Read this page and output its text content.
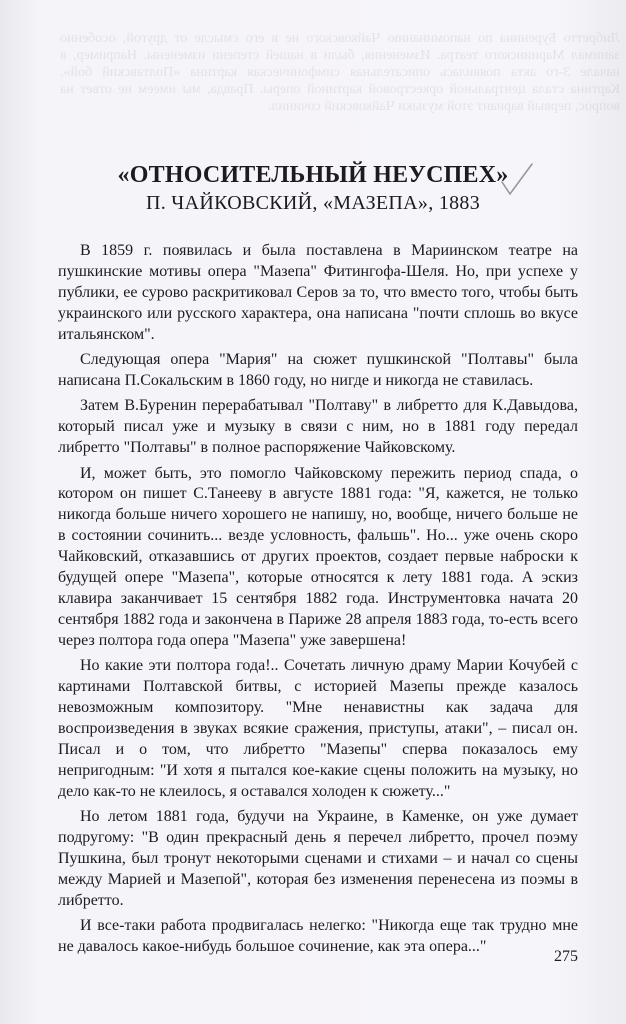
Либретто Буренина по напоминанию Чайковского не в его смысле от другой, особенно занимал Мариинского театра. Изменения, были в нашей степени изменены. Например, в начале 3-го акта появилась описательная симфоническая картина «Полтавский бой». Картина стала центральной оркестровой картиной оперы. Правда, мы имеем не ответ на вопрос, первый вариант этой музыки Чайковский сочинил.
«ОТНОСИТЕЛЬНЫЙ НЕУСПЕХ»
П. ЧАЙКОВСКИЙ, «МАЗЕПА», 1883

В 1859 г. появилась и была поставлена в Мариинском театре на пушкинские мотивы опера "Мазепа" Фитингофа-Шеля. Но, при успехе у публики, ее сурово раскритиковал Серов за то, что вместо того, чтобы быть украинского или русского характера, она написана "почти сплошь во вкусе итальянском".

Следующая опера "Мария" на сюжет пушкинской "Полтавы" была написана П.Сокальским в 1860 году, но нигде и никогда не ставилась.

Затем В.Буренин перерабатывал "Полтаву" в либретто для К.Давыдова, который писал уже и музыку в связи с ним, но в 1881 году передал либретто "Полтавы" в полное распоряжение Чайковскому.

И, может быть, это помогло Чайковскому пережить период спада, о котором он пишет С.Танееву в августе 1881 года: "Я, кажется, не только никогда больше ничего хорошего не напишу, но, вообще, ничего больше не в состоянии сочинить... везде условность, фальшь". Но... уже очень скоро Чайковский, отказавшись от других проектов, создает первые наброски к будущей опере "Мазепа", которые относятся к лету 1881 года. А эскиз клавира заканчивает 15 сентября 1882 года. Инструментовка начата 20 сентября 1882 года и закончена в Париже 28 апреля 1883 года, то-есть всего через полтора года опера "Мазепа" уже завершена!

Но какие эти полтора года!.. Сочетать личную драму Марии Кочубей с картинами Полтавской битвы, с историей Мазепы прежде казалось невозможным композитору. "Мне ненавистны как задача для воспроизведения в звуках всякие сражения, приступы, атаки", – писал он. Писал и о том, что либретто "Мазепы" сперва показалось ему непригодным: "И хотя я пытался кое-какие сцены положить на музыку, но дело как-то не клеилось, я оставался холоден к сюжету..."

Но летом 1881 года, будучи на Украине, в Каменке, он уже думает подругому: "В один прекрасный день я перечел либретто, прочел поэму Пушкина, был тронут некоторыми сценами и стихами – и начал со сцены между Марией и Мазепой", которая без изменения перенесена из поэмы в либретто.

И все-таки работа продвигалась нелегко: "Никогда еще так трудно мне не давалось какое-нибудь большое сочинение, как эта опера..."

275
